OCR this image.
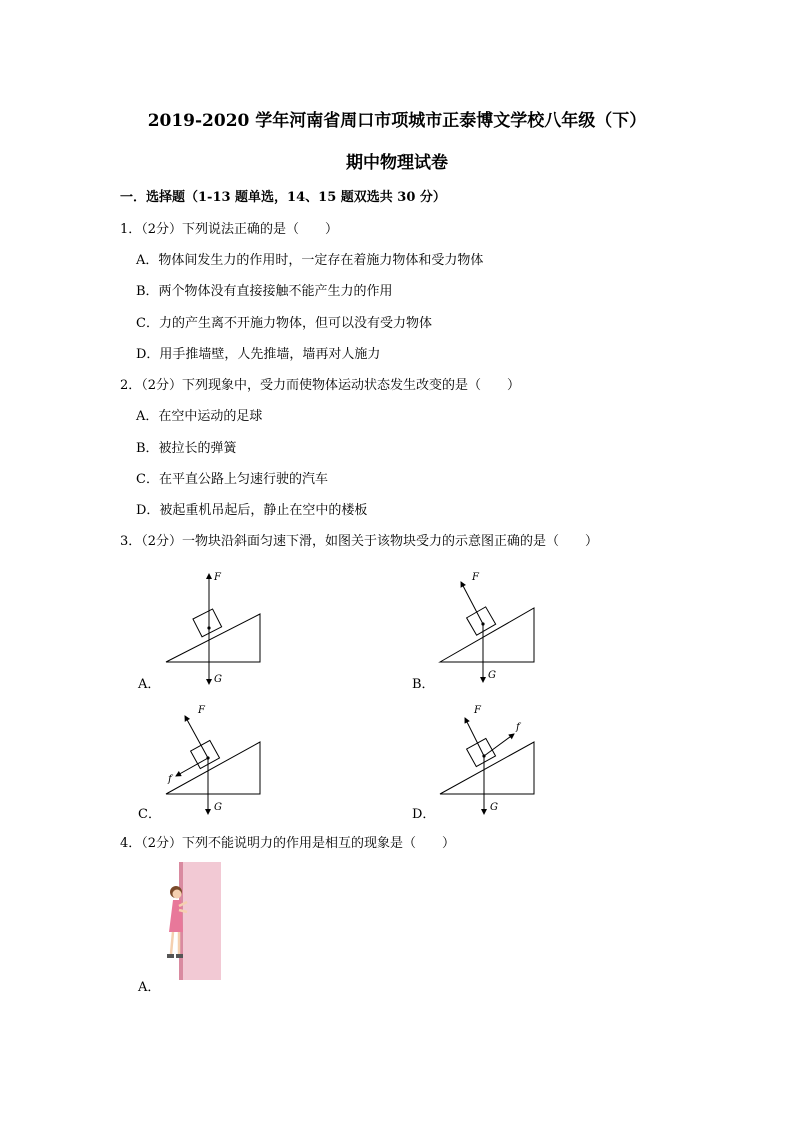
2019-2020 学年河南省周口市项城市正泰博文学校八年级（下）
期中物理试卷
一．选择题（1-13 题单选，14、15 题双选共 30 分）
1．（2分）下列说法正确的是（　　）
A．物体间发生力的作用时，一定存在着施力物体和受力物体
B．两个物体没有直接接触不能产生力的作用
C．力的产生离不开施力物体，但可以没有受力物体
D．用手推墙壁，人先推墙，墙再对人施力
2．（2分）下列现象中，受力而使物体运动状态发生改变的是（　　）
A．在空中运动的足球
B．被拉长的弹簧
C．在平直公路上匀速行驶的汽车
D．被起重机吊起后，静止在空中的楼板
3．（2分）一物块沿斜面匀速下滑，如图关于该物块受力的示意图正确的是（　　）
A．
F
G	B．
F
G
C．
F
G
f
D．
F
G
f
4．（2分）下列不能说明力的作用是相互的现象是（　　）
A．
